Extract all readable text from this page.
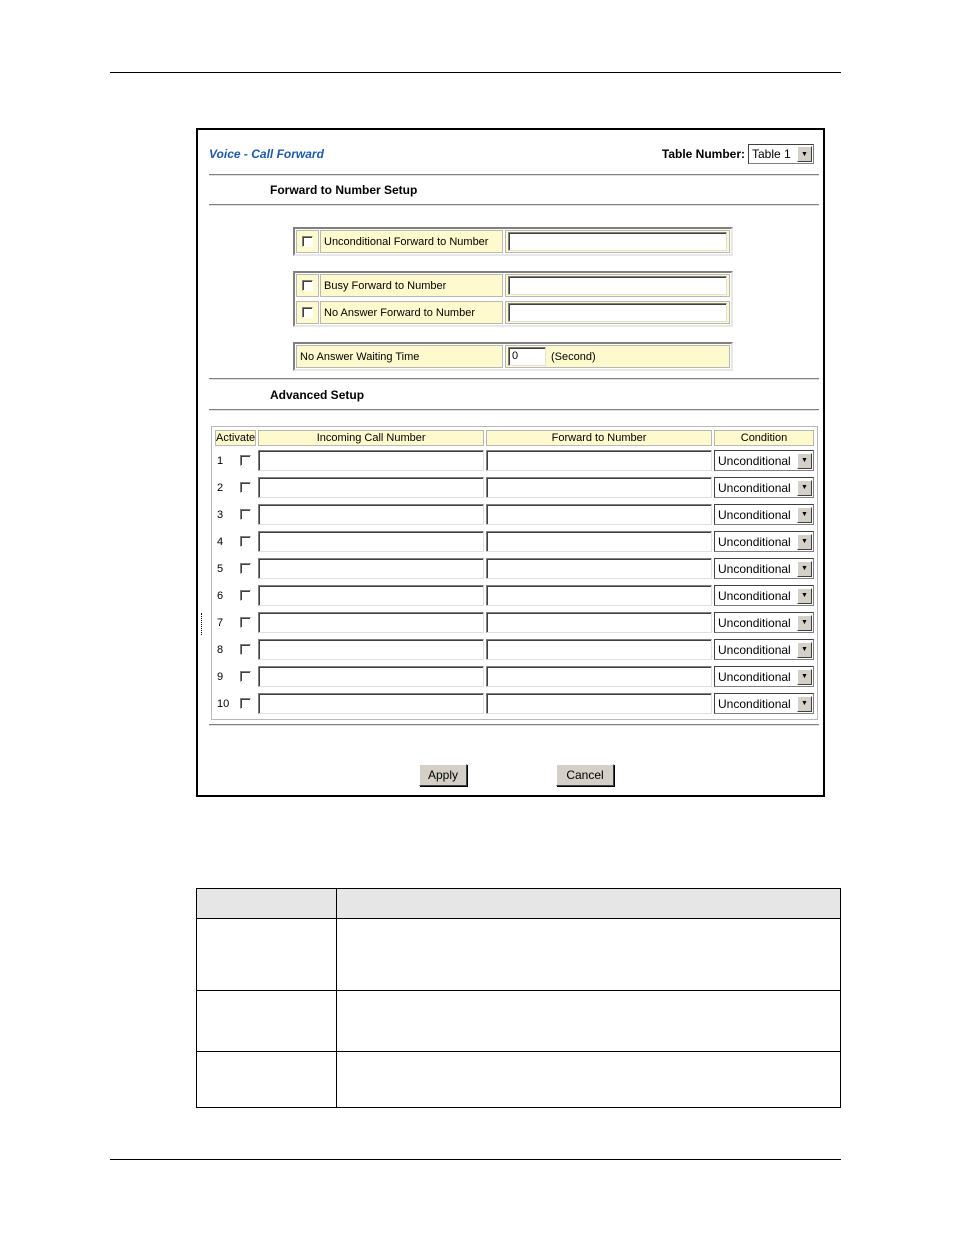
Voice - Call Forward	Table Number: Table 1	▼
Forward to Number Setup
Unconditional Forward to Number
Busy Forward to Number
No Answer Forward to Number
No Answer Waiting Time	0	(Second)
Advanced Setup
Activate		Incoming Call Number	Forward to Number	Condition
1				Unconditional ▼

2				Unconditional ▼

3				Unconditional ▼

4				Unconditional ▼

5				Unconditional ▼

6				Unconditional ▼

7				Unconditional ▼

8				Unconditional ▼

9				Unconditional ▼

10				Unconditional ▼
Apply	Cancel
